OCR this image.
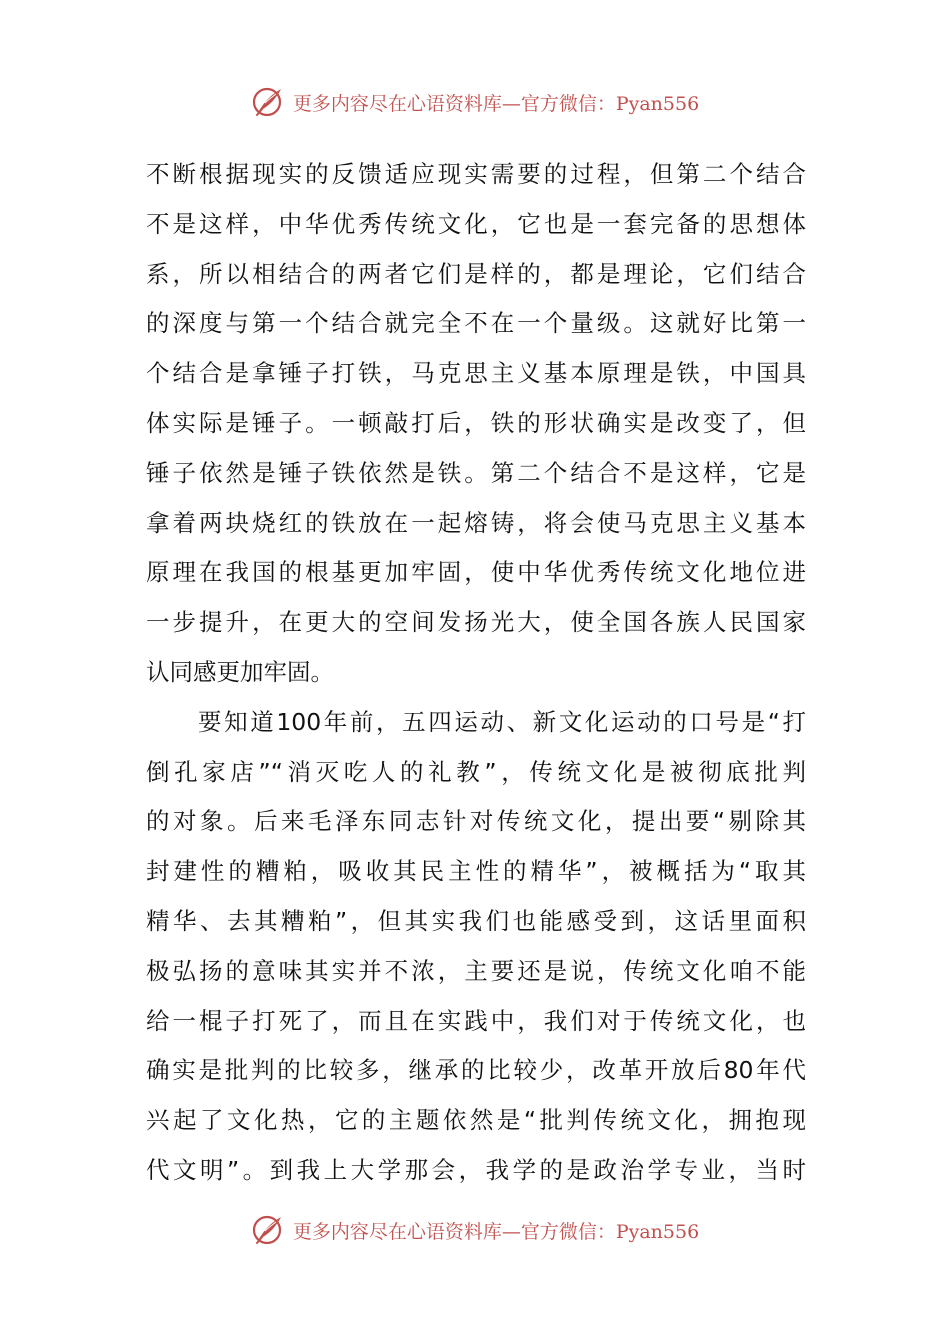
更多内容尽在心语资料库—官方微信：Pyan556
不断根据现实的反馈适应现实需要的过程，但第二个结合
不是这样，中华优秀传统文化，它也是一套完备的思想体
系，所以相结合的两者它们是样的，都是理论，它们结合
的深度与第一个结合就完全不在一个量级。这就好比第一
个结合是拿锤子打铁，马克思主义基本原理是铁，中国具
体实际是锤子。一顿敲打后，铁的形状确实是改变了，但
锤子依然是锤子铁依然是铁。第二个结合不是这样，它是
拿着两块烧红的铁放在一起熔铸，将会使马克思主义基本
原理在我国的根基更加牢固，使中华优秀传统文化地位进
一步提升，在更大的空间发扬光大，使全国各族人民国家
认同感更加牢固。
要知道100年前，五四运动、新文化运动的口号是“打
倒孔家店”“消灭吃人的礼教”，传统文化是被彻底批判
的对象。后来毛泽东同志针对传统文化，提出要“剔除其
封建性的糟粕，吸收其民主性的精华”，被概括为“取其
精华、去其糟粕”，但其实我们也能感受到，这话里面积
极弘扬的意味其实并不浓，主要还是说，传统文化咱不能
给一棍子打死了，而且在实践中，我们对于传统文化，也
确实是批判的比较多，继承的比较少，改革开放后80年代
兴起了文化热，它的主题依然是“批判传统文化，拥抱现
代文明”。到我上大学那会，我学的是政治学专业，当时
更多内容尽在心语资料库—官方微信：Pyan556
